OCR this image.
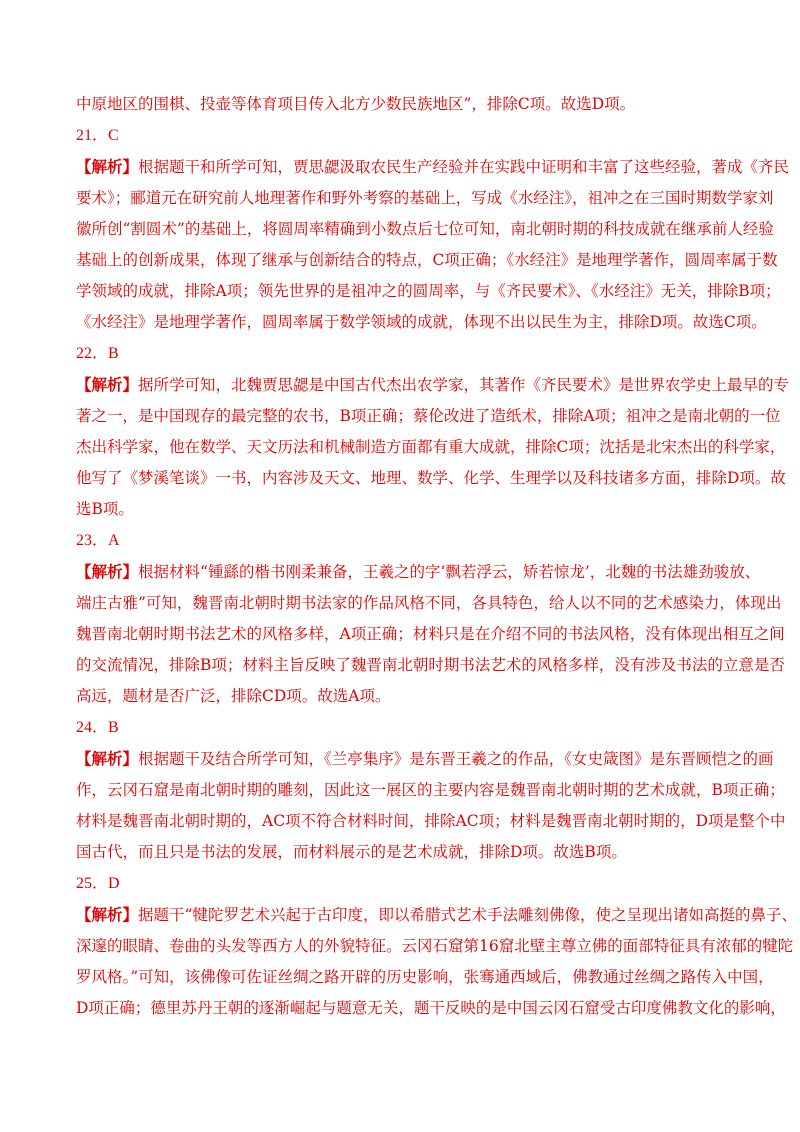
中原地区的围棋、投壶等体育项目传入北方少数民族地区”，排除C项。故选D项。
21．C
【解析】根据题干和所学可知，贾思勰汲取农民生产经验并在实践中证明和丰富了这些经验，著成《齐民
要术》；郦道元在研究前人地理著作和野外考察的基础上，写成《水经注》，祖冲之在三国时期数学家刘
徽所创“割圆术”的基础上，将圆周率精确到小数点后七位可知，南北朝时期的科技成就在继承前人经验
基础上的创新成果，体现了继承与创新结合的特点，C项正确；《水经注》是地理学著作，圆周率属于数
学领域的成就，排除A项；领先世界的是祖冲之的圆周率，与《齐民要术》、《水经注》无关，排除B项；
《水经注》是地理学著作，圆周率属于数学领域的成就，体现不出以民生为主，排除D项。故选C项。
22．B
【解析】据所学可知，北魏贾思勰是中国古代杰出农学家，其著作《齐民要术》是世界农学史上最早的专
著之一，是中国现存的最完整的农书，B项正确；蔡伦改进了造纸术，排除A项；祖冲之是南北朝的一位
杰出科学家，他在数学、天文历法和机械制造方面都有重大成就，排除C项；沈括是北宋杰出的科学家，
他写了《梦溪笔谈》一书，内容涉及天文、地理、数学、化学、生理学以及科技诸多方面，排除D项。故
选B项。
23．A
【解析】根据材料“锺繇的楷书刚柔兼备，王羲之的字‘飘若浮云，矫若惊龙’，北魏的书法雄劲骏放、
端庄古雅”可知，魏晋南北朝时期书法家的作品风格不同，各具特色，给人以不同的艺术感染力，体现出
魏晋南北朝时期书法艺术的风格多样，A项正确；材料只是在介绍不同的书法风格，没有体现出相互之间
的交流情况，排除B项；材料主旨反映了魏晋南北朝时期书法艺术的风格多样，没有涉及书法的立意是否
高远，题材是否广泛，排除CD项。故选A项。
24．B
【解析】根据题干及结合所学可知，《兰亭集序》是东晋王羲之的作品，《女史箴图》是东晋顾恺之的画
作，云冈石窟是南北朝时期的雕刻，因此这一展区的主要内容是魏晋南北朝时期的艺术成就，B项正确；
材料是魏晋南北朝时期的，AC项不符合材料时间，排除AC项；材料是魏晋南北朝时期的，D项是整个中
国古代，而且只是书法的发展，而材料展示的是艺术成就，排除D项。故选B项。
25．D
【解析】据题干“犍陀罗艺术兴起于古印度，即以希腊式艺术手法雕刻佛像，使之呈现出诸如高挺的鼻子、
深邃的眼睛、卷曲的头发等西方人的外貌特征。云冈石窟第16窟北壁主尊立佛的面部特征具有浓郁的犍陀
罗风格。”可知，该佛像可佐证丝绸之路开辟的历史影响，张骞通西域后，佛教通过丝绸之路传入中国，
D项正确；德里苏丹王朝的逐渐崛起与题意无关，题干反映的是中国云冈石窟受古印度佛教文化的影响，
